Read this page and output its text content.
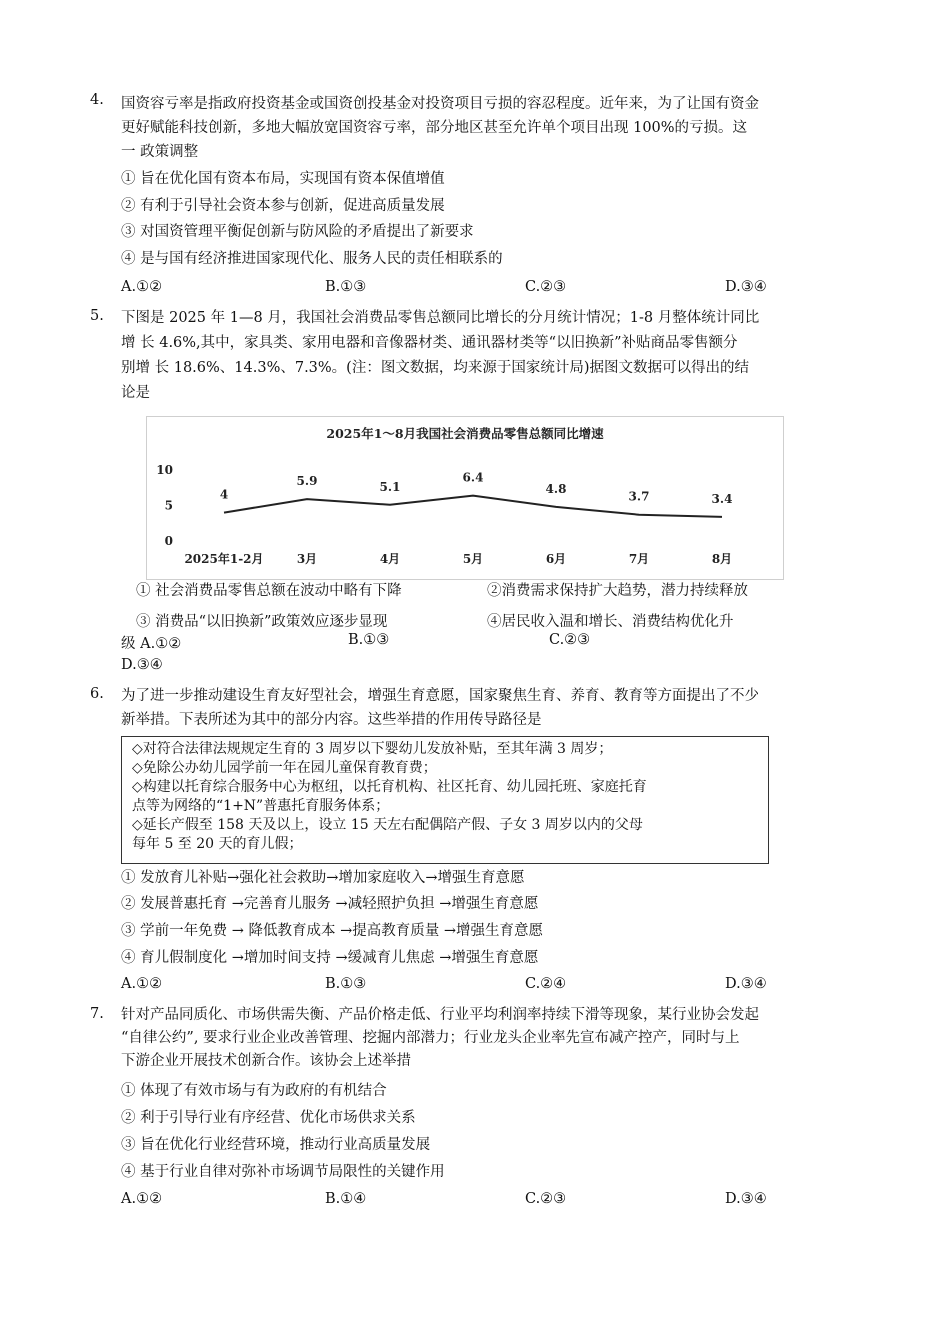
4. 国资容亏率是指政府投资基金或国资创投基金对投资项目亏损的容忍程度。近年来，为了让国有资金
更好赋能科技创新，多地大幅放宽国资容亏率，部分地区甚至允许单个项目出现 100%的亏损。这
一 政策调整
① 旨在优化国有资本布局，实现国有资本保值增值
② 有利于引导社会资本参与创新，促进高质量发展
③ 对国资管理平衡促创新与防风险的矛盾提出了新要求
④ 是与国有经济推进国家现代化、服务人民的责任相联系的
A.①②	B.①③	C.②③	D.③④
5. 下图是 2025 年 1—8 月，我国社会消费品零售总额同比增长的分月统计情况；1-8 月整体统计同比
增 长 4.6%,其中，家具类、家用电器和音像器材类、通讯器材类等“以旧换新”补贴商品零售额分
别增 长 18.6%、14.3%、7.3%。(注：图文数据，均来源于国家统计局)据图文数据可以得出的结
论是
2025年1～8月我国社会消费品零售总额同比增速
10
5
0
4
5.9	5.1
6.4
4.8
3.7	3.4
2025年1-2月	3月	4月	5月	6月	7月	8月
① 社会消费品零售总额在波动中略有下降	②消费需求保持扩大趋势，潜力持续释放
③ 消费品“以旧换新”政策效应逐步显现	④居民收入温和增长、消费结构优化升
级 A.①②	B.①③	C.②③
D.③④
6. 为了进一步推动建设生育友好型社会，增强生育意愿，国家聚焦生育、养育、教育等方面提出了不少
新举措。下表所述为其中的部分内容。这些举措的作用传导路径是
◇对符合法律法规规定生育的 3 周岁以下婴幼儿发放补贴，至其年满 3 周岁；
◇免除公办幼儿园学前一年在园儿童保育教育费；
◇构建以托育综合服务中心为枢纽，以托育机构、社区托育、幼儿园托班、家庭托育
点等为网络的“1+N”普惠托育服务体系；
◇延长产假至 158 天及以上，设立 15 天左右配偶陪产假、子女 3 周岁以内的父母
每年 5 至 20 天的育儿假；
① 发放育儿补贴→强化社会救助→增加家庭收入→增强生育意愿
② 发展普惠托育 →完善育儿服务 →减轻照护负担 →增强生育意愿
③ 学前一年免费 → 降低教育成本 →提高教育质量 →增强生育意愿
④ 育儿假制度化 →增加时间支持 →缓减育儿焦虑 →增强生育意愿
A.①②	B.①③	C.②④	D.③④
7. 针对产品同质化、市场供需失衡、产品价格走低、行业平均利润率持续下滑等现象，某行业协会发起
“自律公约”, 要求行业企业改善管理、挖掘内部潜力；行业龙头企业率先宣布减产控产，同时与上
下游企业开展技术创新合作。该协会上述举措
① 体现了有效市场与有为政府的有机结合
② 利于引导行业有序经营、优化市场供求关系
③ 旨在优化行业经营环境，推动行业高质量发展
④ 基于行业自律对弥补市场调节局限性的关键作用
A.①②	B.①④	C.②③	D.③④
